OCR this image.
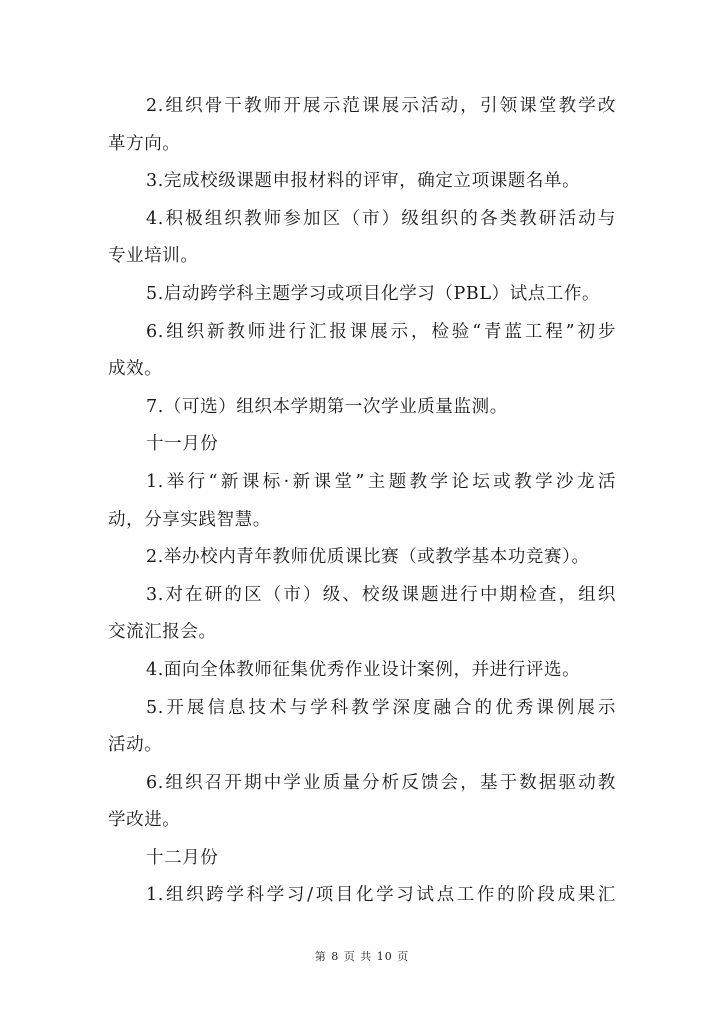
2.组织骨干教师开展示范课展示活动，引领课堂教学改
革方向。
3.完成校级课题申报材料的评审，确定立项课题名单。
4.积极组织教师参加区（市）级组织的各类教研活动与
专业培训。
5.启动跨学科主题学习或项目化学习（PBL）试点工作。
6.组织新教师进行汇报课展示，检验“青蓝工程”初步
成效。
7.（可选）组织本学期第一次学业质量监测。
十一月份
1.举行“新课标·新课堂”主题教学论坛或教学沙龙活
动，分享实践智慧。
2.举办校内青年教师优质课比赛（或教学基本功竞赛）。
3.对在研的区（市）级、校级课题进行中期检查，组织
交流汇报会。
4.面向全体教师征集优秀作业设计案例，并进行评选。
5.开展信息技术与学科教学深度融合的优秀课例展示
活动。
6.组织召开期中学业质量分析反馈会，基于数据驱动教
学改进。
十二月份
1.组织跨学科学习/项目化学习试点工作的阶段成果汇
第 8 页 共 10 页
